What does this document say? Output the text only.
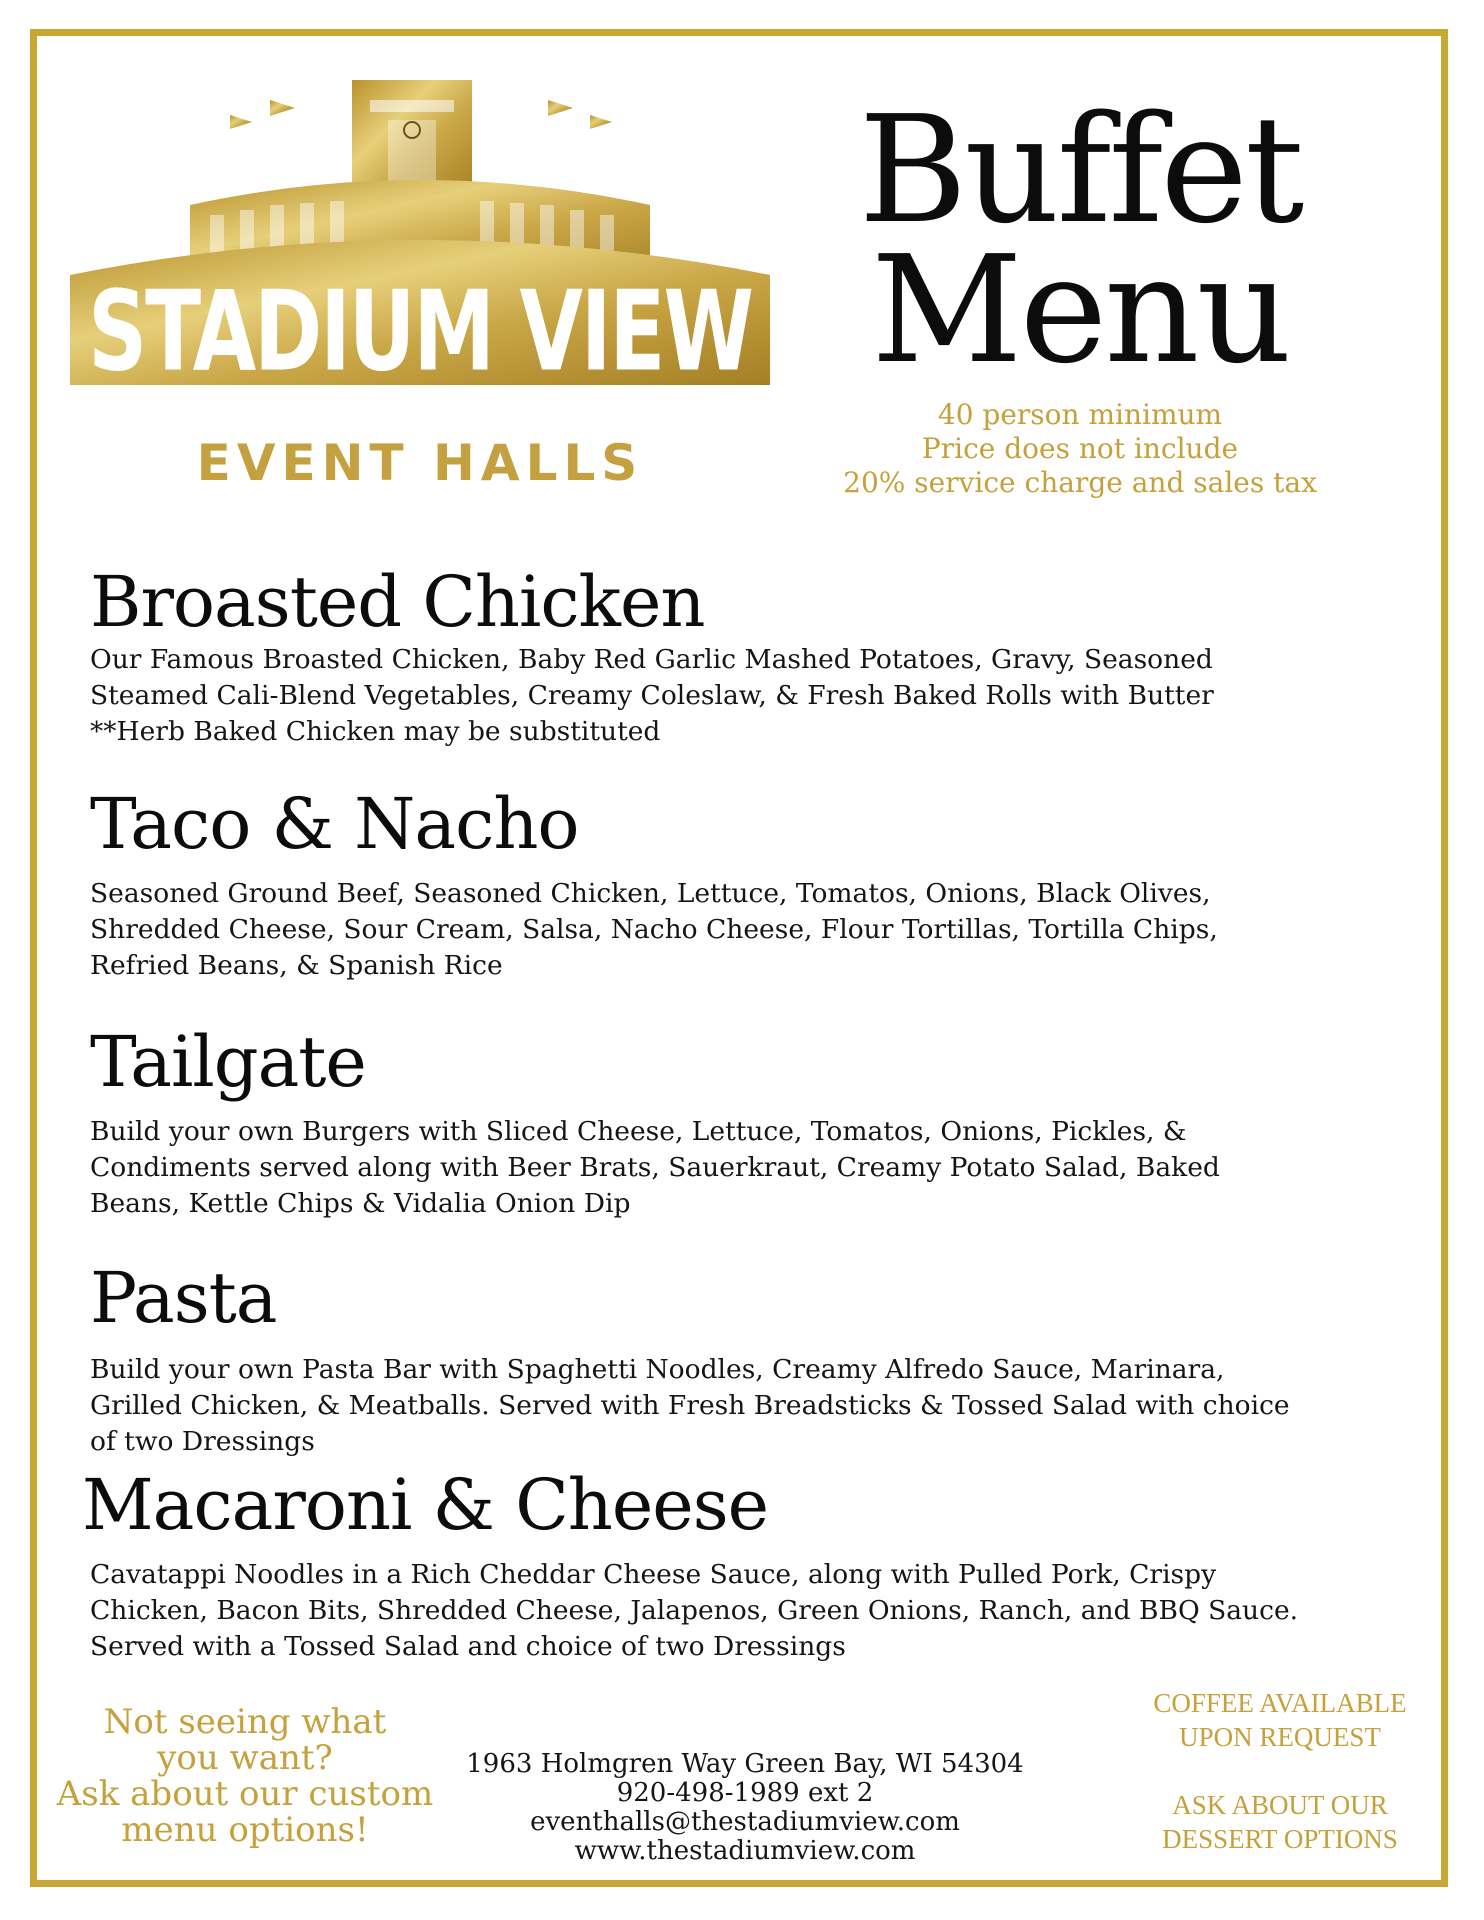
STADIUM VIEW
EVENT HALLS
Buffet
Menu
40 person minimum
Price does not include
20% service charge and sales tax
Broasted Chicken

Our Famous Broasted Chicken, Baby Red Garlic Mashed Potatoes, Gravy, Seasoned
Steamed Cali-Blend Vegetables, Creamy Coleslaw, & Fresh Baked Rolls with Butter
**Herb Baked Chicken may be substituted

Taco & Nacho

Seasoned Ground Beef, Seasoned Chicken, Lettuce, Tomatos, Onions, Black Olives,
Shredded Cheese, Sour Cream, Salsa, Nacho Cheese, Flour Tortillas, Tortilla Chips,
Refried Beans, & Spanish Rice

Tailgate

Build your own Burgers with Sliced Cheese, Lettuce, Tomatos, Onions, Pickles, &
Condiments served along with Beer Brats, Sauerkraut, Creamy Potato Salad, Baked
Beans, Kettle Chips & Vidalia Onion Dip

Pasta

Build your own Pasta Bar with Spaghetti Noodles, Creamy Alfredo Sauce, Marinara,
Grilled Chicken, & Meatballs. Served with Fresh Breadsticks & Tossed Salad with choice
of two Dressings

Macaroni & Cheese

Cavatappi Noodles in a Rich Cheddar Cheese Sauce, along with Pulled Pork, Crispy
Chicken, Bacon Bits, Shredded Cheese, Jalapenos, Green Onions, Ranch, and BBQ Sauce.
Served with a Tossed Salad and choice of two Dressings

Not seeing what
you want?
Ask about our custom
menu options!
1963 Holmgren Way Green Bay, WI 54304
920-498-1989 ext 2
eventhalls@thestadiumview.com
www.thestadiumview.com
COFFEE AVAILABLE
UPON REQUEST
ASK ABOUT OUR
DESSERT OPTIONS
